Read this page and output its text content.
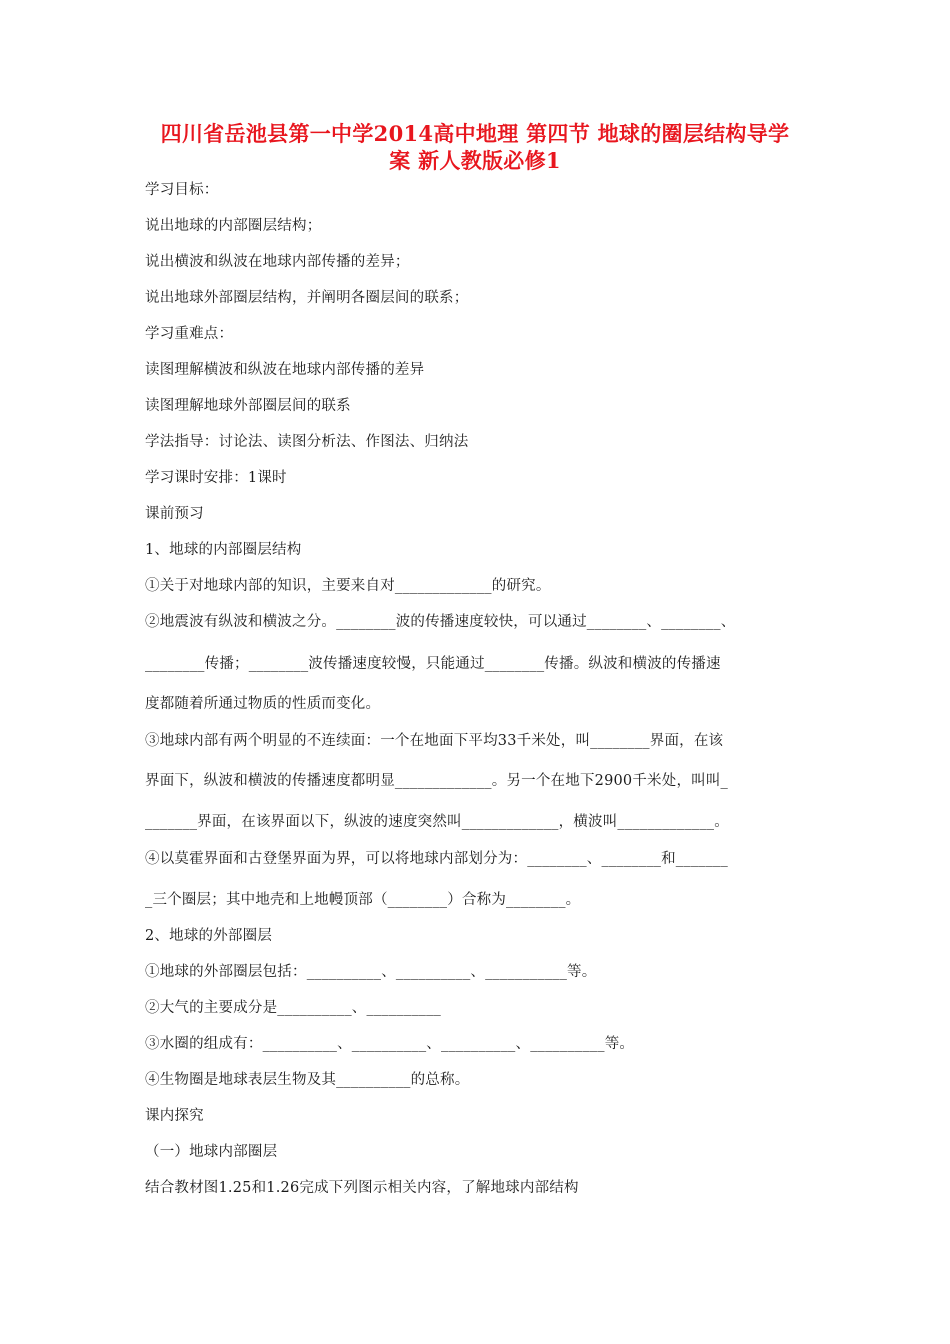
四川省岳池县第一中学2014高中地理 第四节 地球的圈层结构导学
案 新人教版必修1
学习目标：
说出地球的内部圈层结构；
说出横波和纵波在地球内部传播的差异；
说出地球外部圈层结构，并阐明各圈层间的联系；
学习重难点：
读图理解横波和纵波在地球内部传播的差异
读图理解地球外部圈层间的联系
学法指导：讨论法、读图分析法、作图法、归纳法
学习课时安排：1课时
课前预习
1、地球的内部圈层结构
①关于对地球内部的知识，主要来自对_____________的研究。
②地震波有纵波和横波之分。________波的传播速度较快，可以通过________、________、
________传播；________波传播速度较慢，只能通过________传播。纵波和横波的传播速
度都随着所通过物质的性质而变化。
③地球内部有两个明显的不连续面：一个在地面下平均33千米处，叫________界面，在该
界面下，纵波和横波的传播速度都明显_____________。另一个在地下2900千米处，叫叫_
_______界面，在该界面以下，纵波的速度突然叫_____________，横波叫_____________。
④以莫霍界面和古登堡界面为界，可以将地球内部划分为：________、________和_______
_三个圈层；其中地壳和上地幔顶部（________）合称为________。
2、地球的外部圈层
①地球的外部圈层包括：__________、__________、___________等。
②大气的主要成分是__________、__________
③水圈的组成有：__________、__________、__________、__________等。
④生物圈是地球表层生物及其__________的总称。
课内探究
（一）地球内部圈层
结合教材图1.25和1.26完成下列图示相关内容，了解地球内部结构
